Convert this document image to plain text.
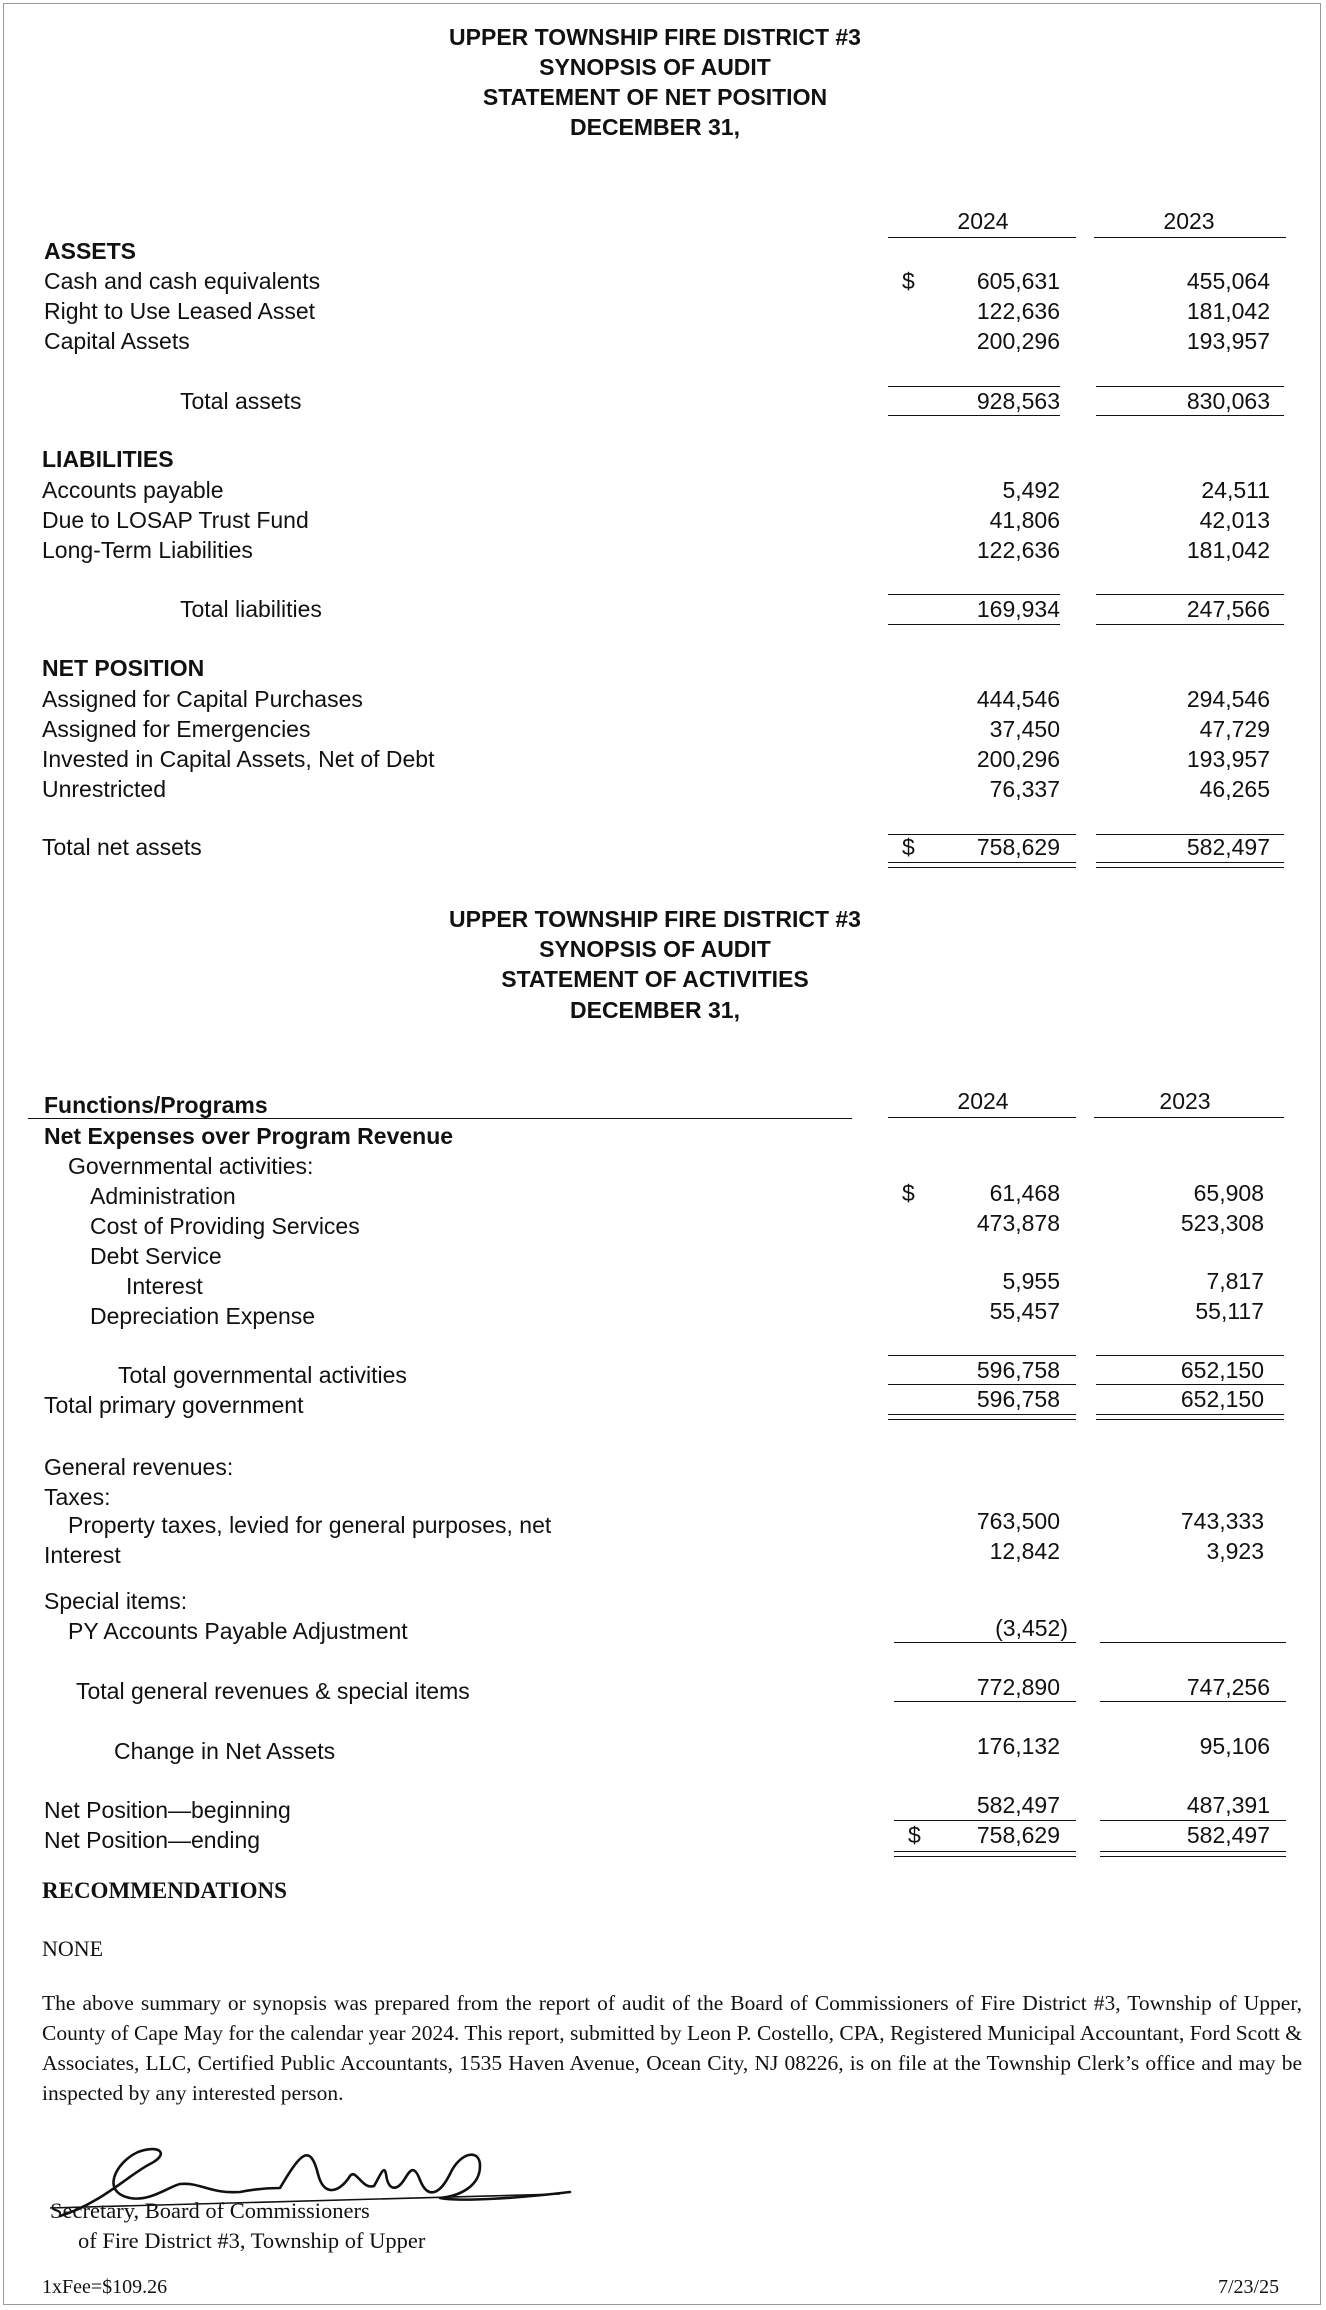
UPPER TOWNSHIP FIRE DISTRICT #3
SYNOPSIS OF AUDIT
STATEMENT OF NET POSITION
DECEMBER 31,
2024	2023
ASSETS
Cash and cash equivalents	$	605,631	455,064
Right to Use Leased Asset	122,636	181,042
Capital Assets	200,296	193,957
Total assets	928,563	830,063
LIABILITIES
Accounts payable	5,492	24,511
Due to LOSAP Trust Fund	41,806	42,013
Long-Term Liabilities	122,636	181,042
Total liabilities	169,934	247,566
NET POSITION
Assigned for Capital Purchases	444,546	294,546
Assigned for Emergencies	37,450	47,729
Invested in Capital Assets, Net of Debt	200,296	193,957
Unrestricted	76,337	46,265
Total net assets	$	758,629	582,497
UPPER TOWNSHIP FIRE DISTRICT #3
SYNOPSIS OF AUDIT
STATEMENT OF ACTIVITIES
DECEMBER 31,
Functions/Programs	2024	2023
Net Expenses over Program Revenue
Governmental activities:
Administration	$	61,468	65,908
Cost of Providing Services	473,878	523,308
Debt Service
Interest	5,955	7,817
Depreciation Expense	55,457	55,117
Total governmental activities	596,758	652,150
Total primary government	596,758	652,150
General revenues:
Taxes:
Property taxes, levied for general purposes, net	763,500	743,333
Interest	12,842	3,923
Special items:
PY Accounts Payable Adjustment	(3,452)
Total general revenues & special items	772,890	747,256
Change in Net Assets	176,132	95,106
Net Position—beginning	582,497	487,391
Net Position—ending	$ 758,629	582,497
RECOMMENDATIONS
NONE
The above summary or synopsis was prepared from the report of audit of the Board of Commissioners of Fire District #3, Township of Upper, County of Cape May for the calendar year 2024. This report, submitted by Leon P. Costello, CPA, Registered Municipal Accountant, Ford Scott & Associates, LLC, Certified Public Accountants, 1535 Haven Avenue, Ocean City, NJ 08226, is on file at the Township Clerk’s office and may be inspected by any interested person.
Secretary, Board of Commissioners
of Fire District #3, Township of Upper
1xFee=$109.26	7/23/25
